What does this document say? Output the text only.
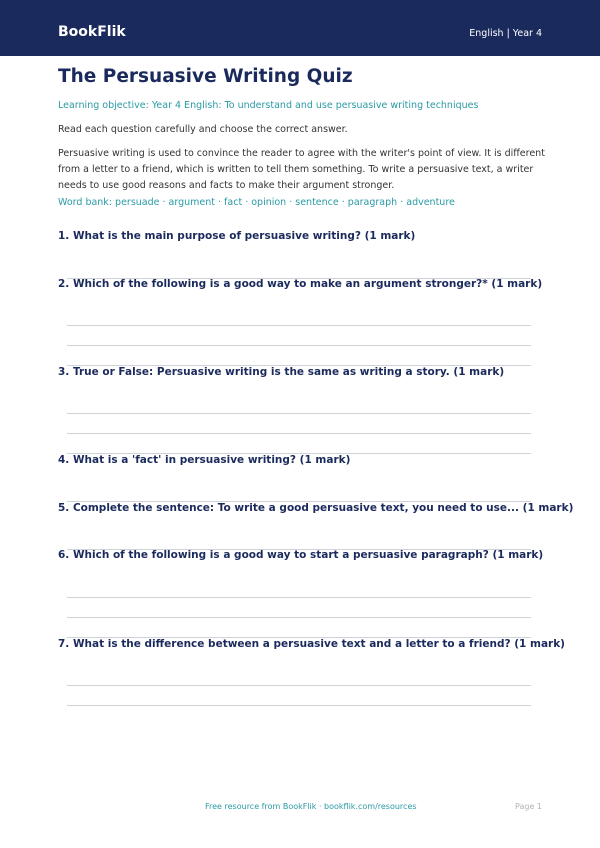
BookFlik	English | Year 4
The Persuasive Writing Quiz
Learning objective: Year 4 English: To understand and use persuasive writing techniques
Read each question carefully and choose the correct answer.
Persuasive writing is used to convince the reader to agree with the writer's point of view. It is different from a letter to a friend, which is written to tell them something. To write a persuasive text, a writer needs to use good reasons and facts to make their argument stronger.
Word bank: persuade · argument · fact · opinion · sentence · paragraph · adventure
1. What is the main purpose of persuasive writing? (1 mark)
2. Which of the following is a good way to make an argument stronger?* (1 mark)
3. True or False: Persuasive writing is the same as writing a story. (1 mark)
4. What is a 'fact' in persuasive writing? (1 mark)
5. Complete the sentence: To write a good persuasive text, you need to use... (1 mark)
6. Which of the following is a good way to start a persuasive paragraph? (1 mark)
7. What is the difference between a persuasive text and a letter to a friend? (1 mark)
Free resource from BookFlik · bookflik.com/resources	Page 1
